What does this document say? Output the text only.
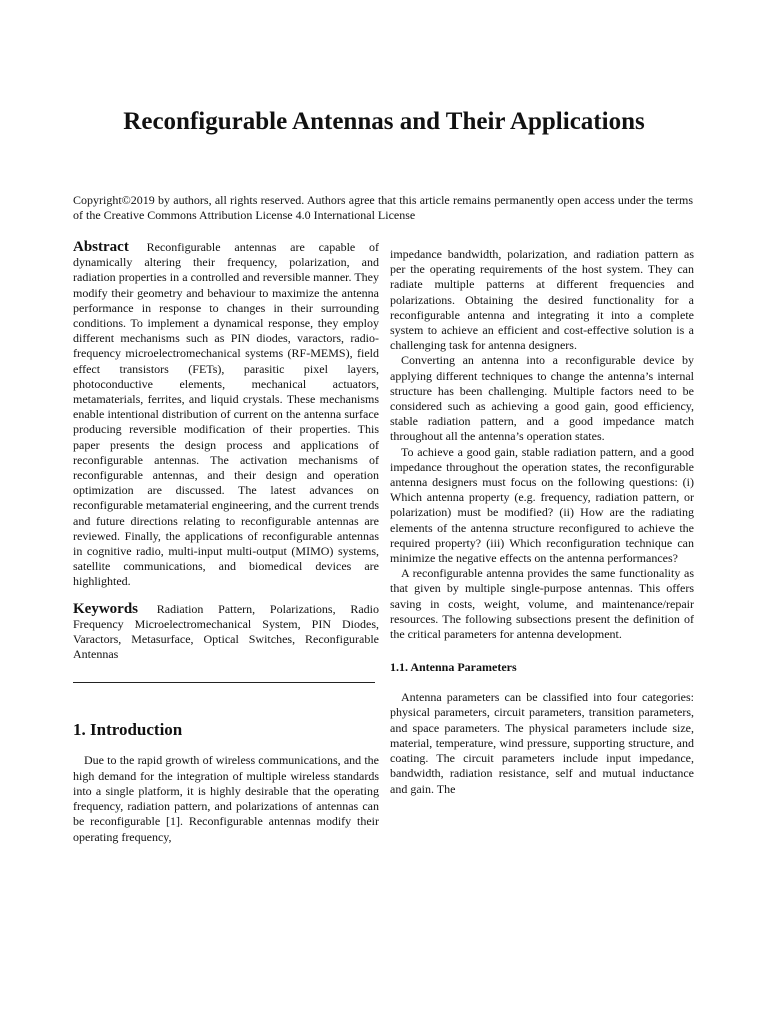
Reconfigurable Antennas and Their Applications

Copyright©2019 by authors, all rights reserved. Authors agree that this article remains permanently open access under the terms of the Creative Commons Attribution License 4.0 International License

Abstract Reconfigurable antennas are capable of dynamically altering their frequency, polarization, and radiation properties in a controlled and reversible manner. They modify their geometry and behaviour to maximize the antenna performance in response to changes in their surrounding conditions. To implement a dynamical response, they employ different mechanisms such as PIN diodes, varactors, radio-frequency microelectromechanical systems (RF-MEMS), field effect transistors (FETs), parasitic pixel layers, photoconductive elements, mechanical actuators, metamaterials, ferrites, and liquid crystals. These mechanisms enable intentional distribution of current on the antenna surface producing reversible modification of their properties. This paper presents the design process and applications of reconfigurable antennas. The activation mechanisms of reconfigurable antennas, and their design and operation optimization are discussed. The latest advances on reconfigurable metamaterial engineering, and the current trends and future directions relating to reconfigurable antennas are reviewed. Finally, the applications of reconfigurable antennas in cognitive radio, multi-input multi-output (MIMO) systems, satellite communications, and biomedical devices are highlighted.

Keywords Radiation Pattern, Polarizations, Radio Frequency Microelectromechanical System, PIN Diodes, Varactors, Metasurface, Optical Switches, Reconfigurable Antennas

1. Introduction

Due to the rapid growth of wireless communications, and the high demand for the integration of multiple wireless standards into a single platform, it is highly desirable that the operating frequency, radiation pattern, and polarizations of antennas can be reconfigurable [1]. Reconfigurable antennas modify their operating frequency,

impedance bandwidth, polarization, and radiation pattern as per the operating requirements of the host system. They can radiate multiple patterns at different frequencies and polarizations. Obtaining the desired functionality for a reconfigurable antenna and integrating it into a complete system to achieve an efficient and cost-effective solution is a challenging task for antenna designers.

Converting an antenna into a reconfigurable device by applying different techniques to change the antenna’s internal structure has been challenging. Multiple factors need to be considered such as achieving a good gain, good efficiency, stable radiation pattern, and a good impedance match throughout all the antenna’s operation states.

To achieve a good gain, stable radiation pattern, and a good impedance throughout the operation states, the reconfigurable antenna designers must focus on the following questions: (i) Which antenna property (e.g. frequency, radiation pattern, or polarization) must be modified? (ii) How are the radiating elements of the antenna structure reconfigured to achieve the required property? (iii) Which reconfiguration technique can minimize the negative effects on the antenna performances?

A reconfigurable antenna provides the same functionality as that given by multiple single-purpose antennas. This offers saving in costs, weight, volume, and maintenance/repair resources. The following subsections present the definition of the critical parameters for antenna development.

1.1. Antenna Parameters

Antenna parameters can be classified into four categories: physical parameters, circuit parameters, transition parameters, and space parameters. The physical parameters include size, material, temperature, wind pressure, supporting structure, and coating. The circuit parameters include input impedance, bandwidth, radiation resistance, self and mutual inductance and gain. The
